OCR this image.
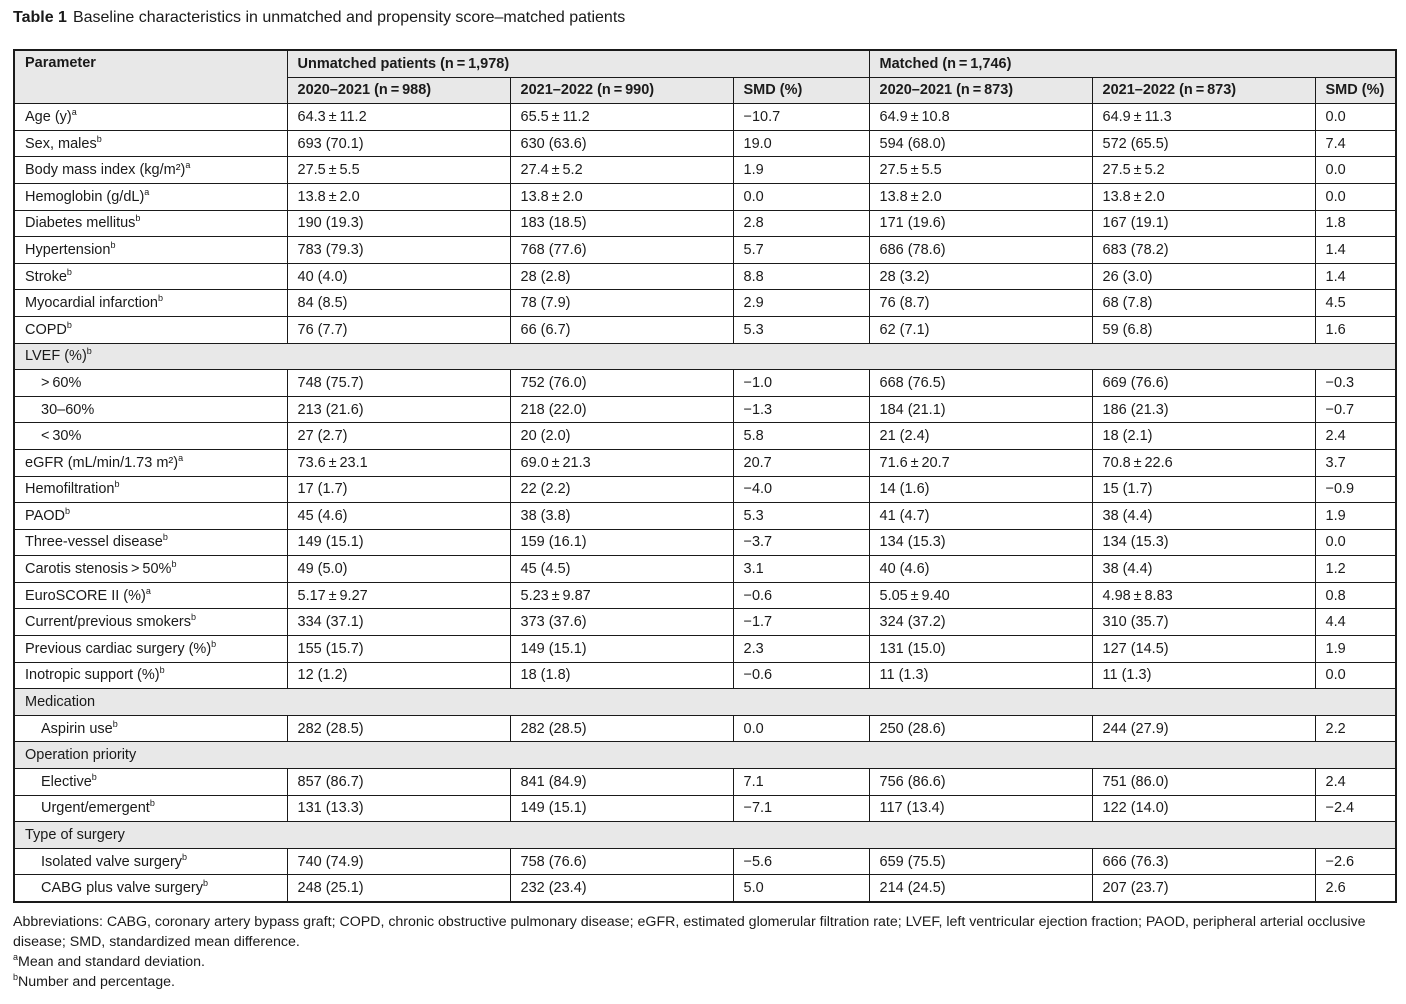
Table 1 Baseline characteristics in unmatched and propensity score–matched patients
Parameter	Unmatched patients (n = 1,978)			Matched (n = 1,746)		
	2020–2021 (n = 988)	2021–2022 (n = 990)	SMD (%)	2020–2021 (n = 873)	2021–2022 (n = 873)	SMD (%)
Age $(y)^a$	64.3 ± 11.2	65.5 ± 11.2	−10.7	64.9 ± 10.8	64.9 ± 11.3	0.0
Sex, males$^b$	693 (70.1)	630 (63.6)	19.0	594 (68.0)	572 (65.5)	7.4
Body mass index $(kg/m^2)^a$	27.5 ± 5.5	27.4 ± 5.2	1.9	27.5 ± 5.5	27.5 ± 5.2	0.0
Hemoglobin $(g/dL)^a$	13.8 ± 2.0	13.8 ± 2.0	0.0	13.8 ± 2.0	13.8 ± 2.0	0.0
Diabetes mellitus$^b$	190 (19.3)	183 (18.5)	2.8	171 (19.6)	167 (19.1)	1.8
Hypertension$^b$	783 (79.3)	768 (77.6)	5.7	686 (78.6)	683 (78.2)	1.4
Stroke$^b$	40 (4.0)	28 (2.8)	8.8	28 (3.2)	26 (3.0)	1.4
Myocardial infarction$^b$	84 (8.5)	78 (7.9)	2.9	76 (8.7)	68 (7.8)	4.5
COPD$^b$	76 (7.7)	66 (6.7)	5.3	62 (7.1)	59 (6.8)	1.6
LVEF (%)$^b$
> 60%	748 (75.7)	752 (76.0)	−1.0	668 (76.5)	669 (76.6)	−0.3
30–60%	213 (21.6)	218 (22.0)	−1.3	184 (21.1)	186 (21.3)	−0.7
< 30%	27 (2.7)	20 (2.0)	5.8	21 (2.4)	18 (2.1)	2.4
eGFR (mL/min/1.73 m²)$^a$	73.6 ± 23.1	69.0 ± 21.3	20.7	71.6 ± 20.7	70.8 ± 22.6	3.7
Hemofiltration$^b$	17 (1.7)	22 (2.2)	−4.0	14 (1.6)	15 (1.7)	−0.9
PAOD$^b$	45 (4.6)	38 (3.8)	5.3	41 (4.7)	38 (4.4)	1.9
Three-vessel disease$^b$	149 (15.1)	159 (16.1)	−3.7	134 (15.3)	134 (15.3)	0.0
Carotis stenosis > 50%$^b$	49 (5.0)	45 (4.5)	3.1	40 (4.6)	38 (4.4)	1.2
EuroSCORE II (%)$^a$	5.17 ± 9.27	5.23 ± 9.87	−0.6	5.05 ± 9.40	4.98 ± 8.83	0.8
Current/previous smokers$^b$	334 (37.1)	373 (37.6)	−1.7	324 (37.2)	310 (35.7)	4.4
Previous cardiac surgery (%)$^b$	155 (15.7)	149 (15.1)	2.3	131 (15.0)	127 (14.5)	1.9
Inotropic support (%)$^b$	12 (1.2)	18 (1.8)	−0.6	11 (1.3)	11 (1.3)	0.0
Medication						
Aspirin use$^b$	282 (28.5)	282 (28.5)	0.0	250 (28.6)	244 (27.9)	2.2
Operation priority						
Elective$^b$	857 (86.7)	841 (84.9)	7.1	756 (86.6)	751 (86.0)	2.4
Urgent/emergent$^b$	131 (13.3)	149 (15.1)	−7.1	117 (13.4)	122 (14.0)	−2.4
Type of surgery						
Isolated valve surgery$^b$	740 (74.9)	758 (76.6)	−5.6	659 (75.5)	666 (76.3)	−2.6
CABG plus valve surgery$^b$	248 (25.1)	232 (23.4)	5.0	214 (24.5)	207 (23.7)	2.6

Abbreviations: CABG, coronary artery bypass graft; COPD, chronic obstructive pulmonary disease; eGFR, estimated glomerular filtration rate; LVEF, left ventricular ejection fraction; PAOD, peripheral arterial occlusive disease; SMD, standardized mean difference.

$^a$Mean and standard deviation.

$^b$Number and percentage.
